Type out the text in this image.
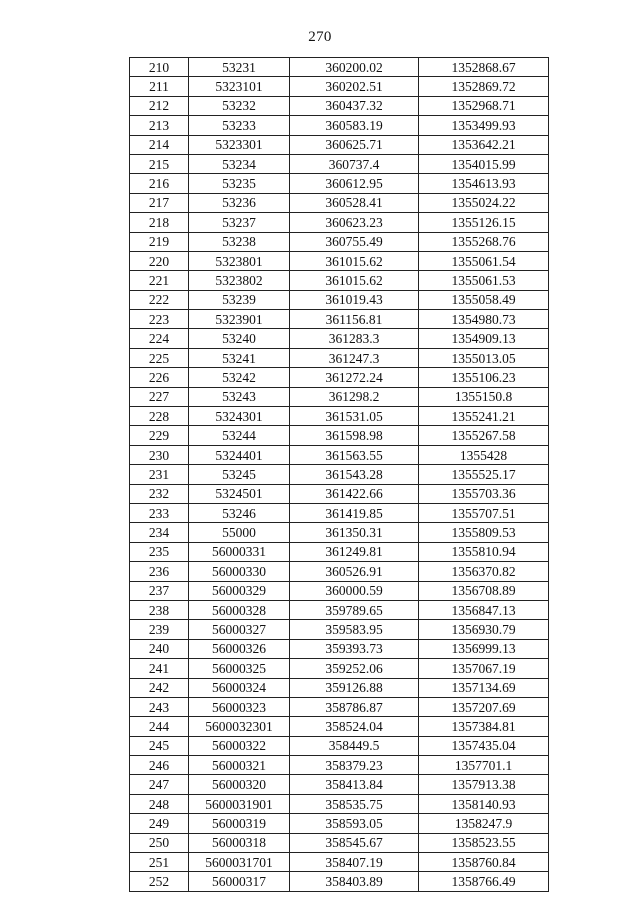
270
210	53231	360200.02	1352868.67
211	5323101	360202.51	1352869.72
212	53232	360437.32	1352968.71
213	53233	360583.19	1353499.93
214	5323301	360625.71	1353642.21
215	53234	360737.4	1354015.99
216	53235	360612.95	1354613.93
217	53236	360528.41	1355024.22
218	53237	360623.23	1355126.15
219	53238	360755.49	1355268.76
220	5323801	361015.62	1355061.54
221	5323802	361015.62	1355061.53
222	53239	361019.43	1355058.49
223	5323901	361156.81	1354980.73
224	53240	361283.3	1354909.13
225	53241	361247.3	1355013.05
226	53242	361272.24	1355106.23
227	53243	361298.2	1355150.8
228	5324301	361531.05	1355241.21
229	53244	361598.98	1355267.58
230	5324401	361563.55	1355428
231	53245	361543.28	1355525.17
232	5324501	361422.66	1355703.36
233	53246	361419.85	1355707.51
234	55000	361350.31	1355809.53
235	56000331	361249.81	1355810.94
236	56000330	360526.91	1356370.82
237	56000329	360000.59	1356708.89
238	56000328	359789.65	1356847.13
239	56000327	359583.95	1356930.79
240	56000326	359393.73	1356999.13
241	56000325	359252.06	1357067.19
242	56000324	359126.88	1357134.69
243	56000323	358786.87	1357207.69
244	5600032301	358524.04	1357384.81
245	56000322	358449.5	1357435.04
246	56000321	358379.23	1357701.1
247	56000320	358413.84	1357913.38
248	5600031901	358535.75	1358140.93
249	56000319	358593.05	1358247.9
250	56000318	358545.67	1358523.55
251	5600031701	358407.19	1358760.84
252	56000317	358403.89	1358766.49
